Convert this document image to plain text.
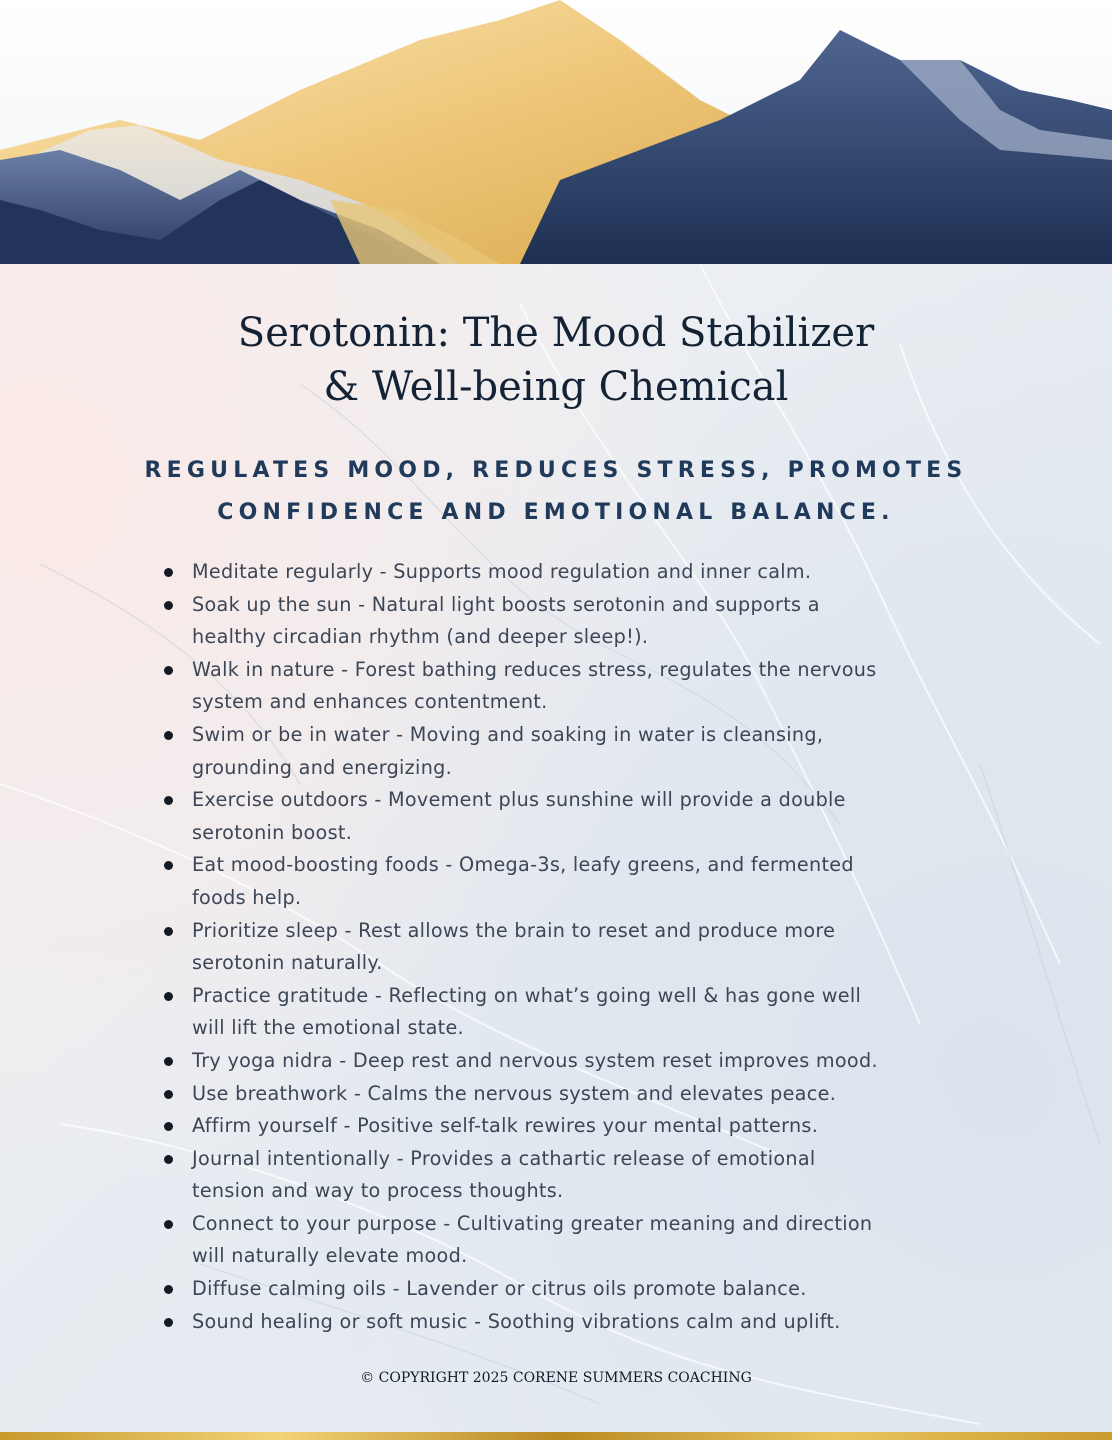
Serotonin: The Mood Stabilizer
& Well-being Chemical
REGULATES MOOD, REDUCES STRESS, PROMOTES
CONFIDENCE AND EMOTIONAL BALANCE.
Meditate regularly - Supports mood regulation and inner calm.
Soak up the sun - Natural light boosts serotonin and supports a
healthy circadian rhythm (and deeper sleep!).
Walk in nature - Forest bathing reduces stress, regulates the nervous
system and enhances contentment.
Swim or be in water - Moving and soaking in water is cleansing,
grounding and energizing.
Exercise outdoors - Movement plus sunshine will provide a double
serotonin boost.
Eat mood-boosting foods - Omega-3s, leafy greens, and fermented
foods help.
Prioritize sleep - Rest allows the brain to reset and produce more
serotonin naturally.
Practice gratitude - Reflecting on what’s going well & has gone well
will lift the emotional state.
Try yoga nidra - Deep rest and nervous system reset improves mood.
Use breathwork - Calms the nervous system and elevates peace.
Affirm yourself - Positive self-talk rewires your mental patterns.
Journal intentionally - Provides a cathartic release of emotional
tension and way to process thoughts.
Connect to your purpose - Cultivating greater meaning and direction
will naturally elevate mood.
Diffuse calming oils - Lavender or citrus oils promote balance.
Sound healing or soft music - Soothing vibrations calm and uplift.

© COPYRIGHT 2025 CORENE SUMMERS COACHING
